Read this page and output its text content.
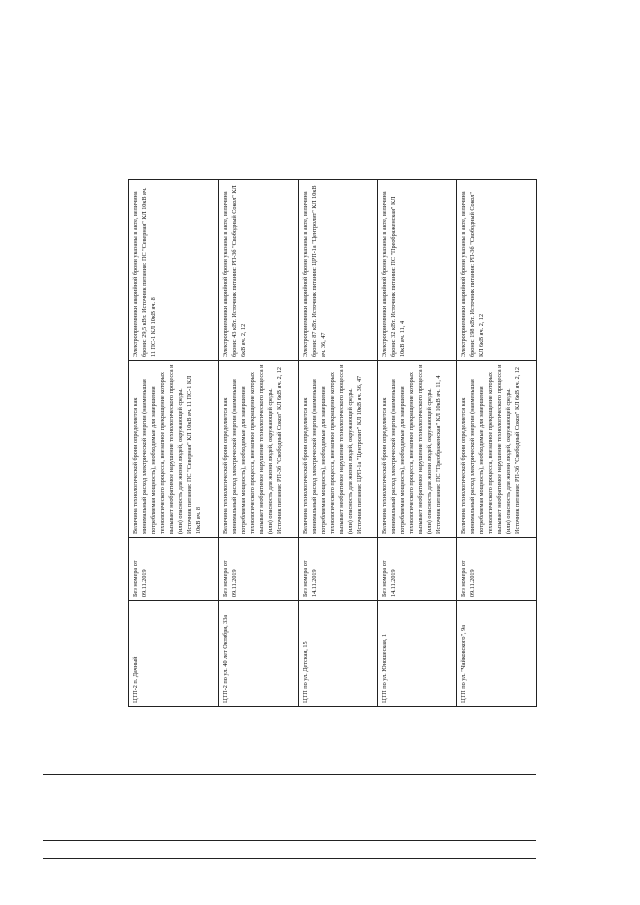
ЦТП-2 п. Дачный	Без номера от 09.11.2019	Величина технологической брони определяется как минимальный расход электрической энергии (наименьшая потребляемая мощность), необходимые для завершения технологического процесса, внезапное прекращение которых вызывает необратимое нарушение технологического процесса и (или) опасность для жизни людей, окружающей среды. Источник питания: ПС "Северная" КЛ 10кВ яч. 11 ПС-1 КЛ 10кВ яч. 8	Электроприемники аварийной брони указаны в акте, величина брони: 29,5 кВт. Источник питания: ПС "Северная" КЛ 10кВ яч. 11 ПС-1 КЛ 10кВ яч. 8
ЦТП-2 по ул. 40 лет Октября, 33а	Без номера от 09.11.2019	Величина технологической брони определяется как минимальный расход электрической энергии (наименьшая потребляемая мощность), необходимые для завершения технологического процесса, внезапное прекращение которых вызывает необратимое нарушение технологического процесса и (или) опасность для жизни людей, окружающей среды. Источник питания: РП-3б "Свободный Сокол" КЛ 6кВ яч. 2, 12	Электроприемники аварийной брони указаны в акте, величина брони: 43 кВт. Источник питания: РП-3б "Свободный Сокол" КЛ 6кВ яч. 2, 12
ЦТП по ул. Детская, 15	Без номера от 14.11.2019	Величина технологической брони определяется как минимальный расход электрической энергии (наименьшая потребляемая мощность), необходимые для завершения технологического процесса, внезапное прекращение которых вызывает необратимое нарушение технологического процесса и (или) опасность для жизни людей, окружающей среды. Источник питания: ЦРП-1а "Центролит" КЛ 10кВ яч. 36, 47	Электроприемники аварийной брони указаны в акте, величина брони: 87 кВт. Источник питания: ЦРП-1а "Центролит" КЛ 10кВ яч. 36, 47
ЦТП по ул. Юношеская, 1	Без номера от 14.11.2019	Величина технологической брони определяется как минимальный расход электрической энергии (наименьшая потребляемая мощность), необходимые для завершения технологического процесса, внезапное прекращение которых вызывает необратимое нарушение технологического процесса и (или) опасность для жизни людей, окружающей среды. Источник питания: ПС "Преображенская" КЛ 10кВ яч. 11, 4	Электроприемники аварийной брони указаны в акте, величина брони: 32 кВт. Источник питания: ПС "Преображенская" КЛ 10кВ яч. 11, 4
ЦТП по ул. "Чайковского", 9а	Без номера от 09.11.2019	Величина технологической брони определяется как минимальный расход электрической энергии (наименьшая потребляемая мощность), необходимые для завершения технологического процесса, внезапное прекращение которых вызывает необратимое нарушение технологического процесса и (или) опасность для жизни людей, окружающей среды. Источник питания: РП-3б "Свободный Сокол" КЛ 6кВ яч. 2, 12	Электроприемники аварийной брони указаны в акте, величина брони: 198 кВт. Источник питания: РП-3б "Свободный Сокол" КЛ 6кВ яч. 2, 12
